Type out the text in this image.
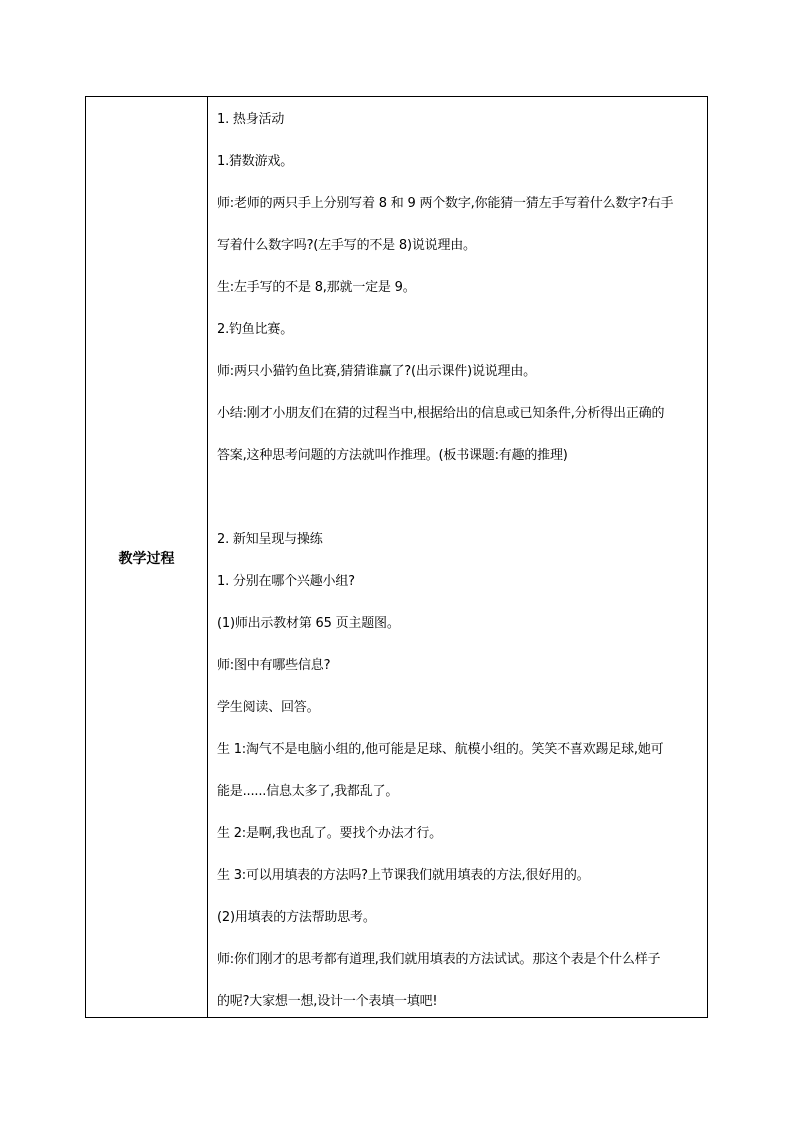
教学过程
1. 热身活动
1.猜数游戏。
师:老师的两只手上分别写着 8 和 9 两个数字,你能猜一猜左手写着什么数字?右手
写着什么数字吗?(左手写的不是 8)说说理由。
生:左手写的不是 8,那就一定是 9。
2.钓鱼比赛。
师:两只小猫钓鱼比赛,猜猜谁赢了?(出示课件)说说理由。
小结:刚才小朋友们在猜的过程当中,根据给出的信息或已知条件,分析得出正确的
答案,这种思考问题的方法就叫作推理。(板书课题:有趣的推理)
2. 新知呈现与操练
1. 分别在哪个兴趣小组?
(1)师出示教材第 65 页主题图。
师:图中有哪些信息?
学生阅读、回答。
生 1:淘气不是电脑小组的,他可能是足球、航模小组的。笑笑不喜欢踢足球,她可
能是......信息太多了,我都乱了。
生 2:是啊,我也乱了。要找个办法才行。
生 3:可以用填表的方法吗?上节课我们就用填表的方法,很好用的。
(2)用填表的方法帮助思考。
师:你们刚才的思考都有道理,我们就用填表的方法试试。那这个表是个什么样子
的呢?大家想一想,设计一个表填一填吧!
